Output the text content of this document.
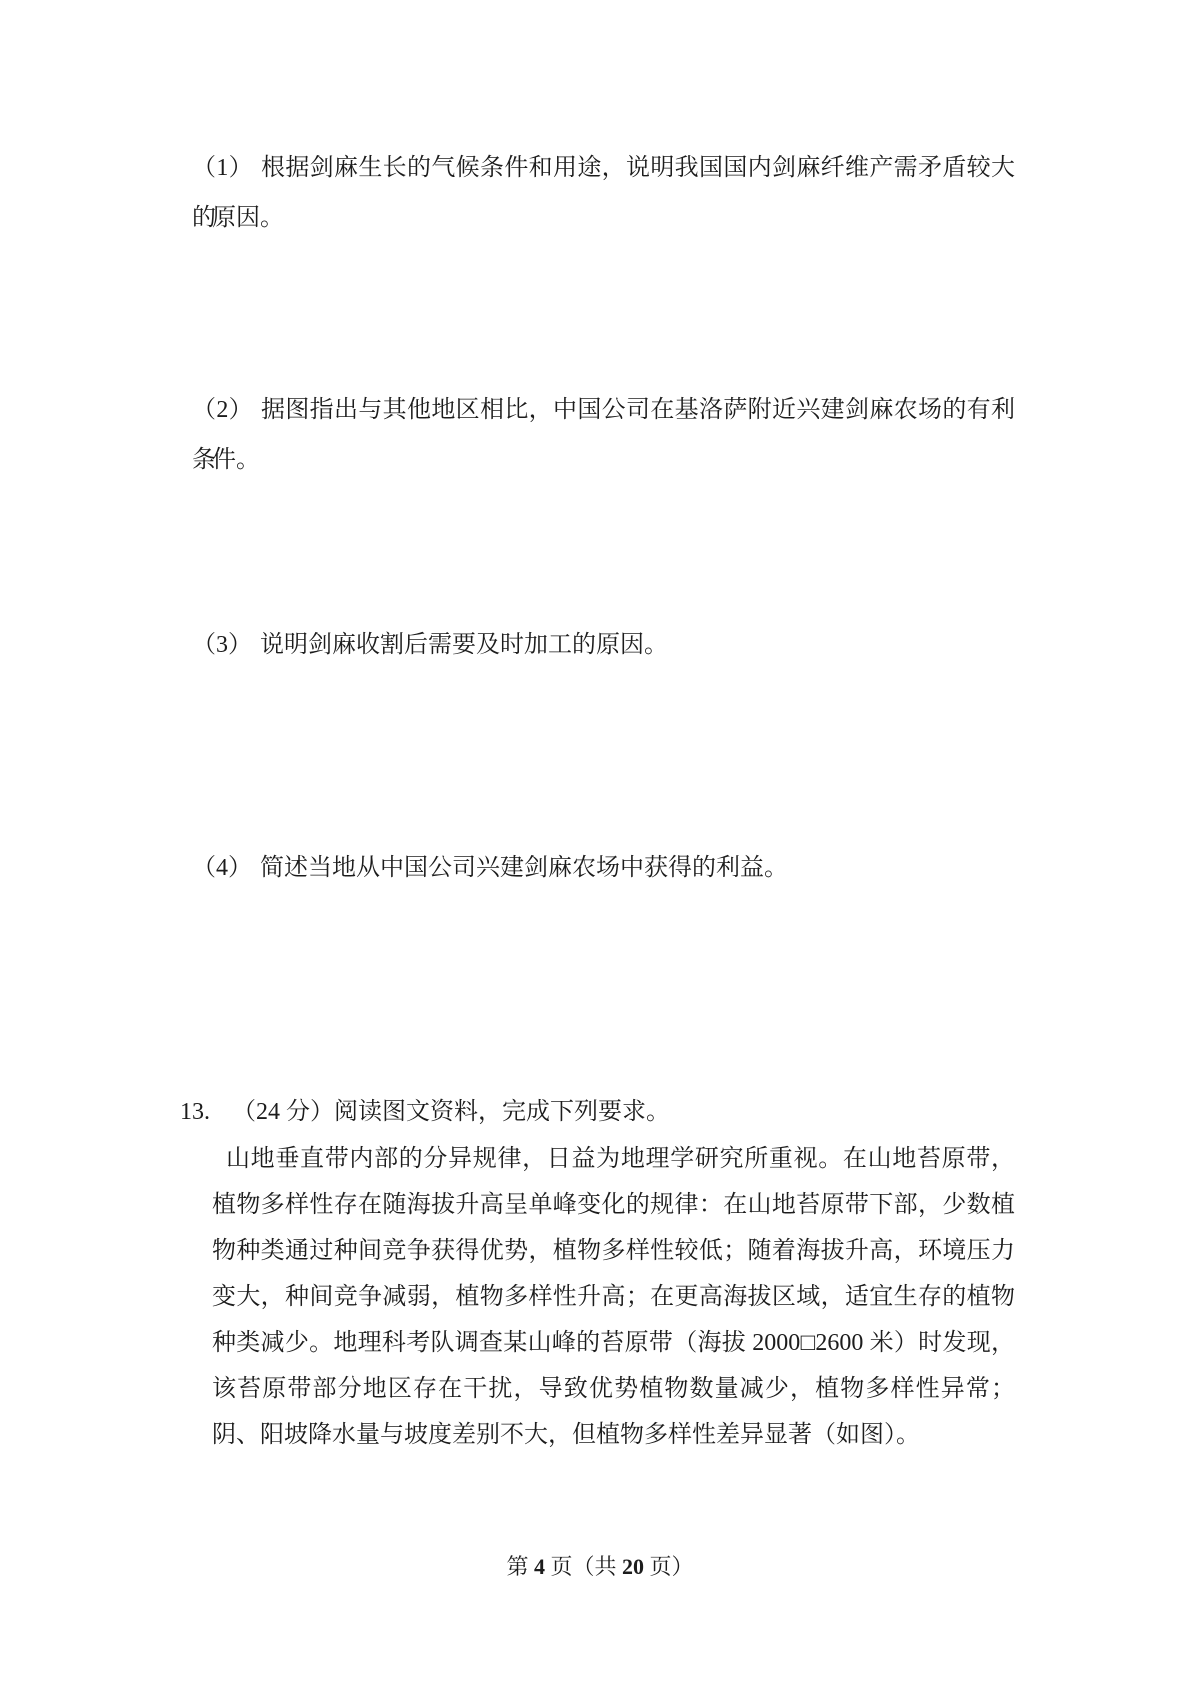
（1） 根据剑麻生长的气候条件和用途，说明我国国内剑麻纤维产需矛盾较大的
原因。
（2） 据图指出与其他地区相比，中国公司在基洛萨附近兴建剑麻农场的有利条
件。
（3） 说明剑麻收割后需要及时加工的原因。
（4） 简述当地从中国公司兴建剑麻农场中获得的利益。
13. （24 分）阅读图文资料，完成下列要求。
山地垂直带内部的分异规律，日益为地理学研究所重视。在山地苔原带，
植物多样性存在随海拔升高呈单峰变化的规律：在山地苔原带下部，少数植
物种类通过种间竞争获得优势，植物多样性较低；随着海拔升高，环境压力
变大，种间竞争减弱，植物多样性升高；在更高海拔区域，适宜生存的植物
种类减少。地理科考队调查某山峰的苔原带（海拔 2000□2600 米）时发现，
该苔原带部分地区存在干扰，导致优势植物数量减少，植物多样性异常；
阴、阳坡降水量与坡度差别不大，但植物多样性差异显著（如图）。
第 4 页（共 20 页）
